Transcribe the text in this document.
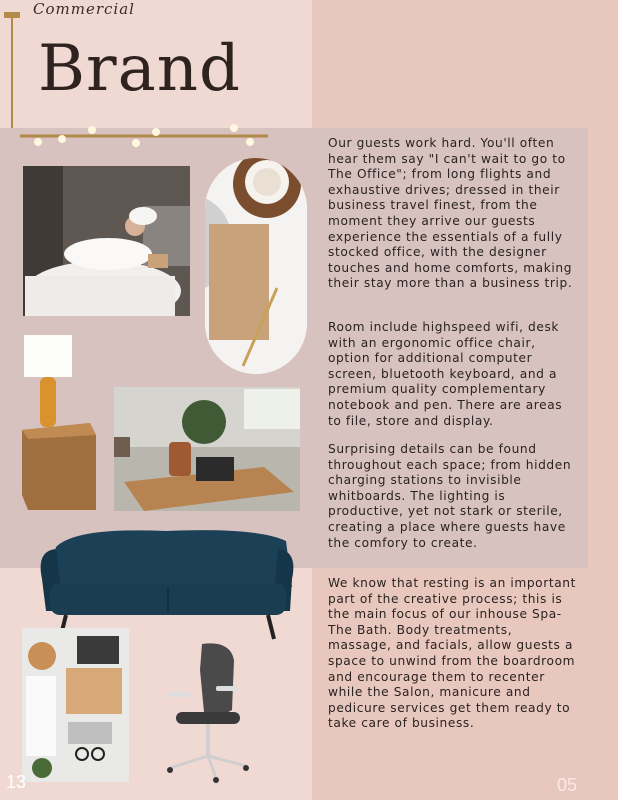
Commercial
Brand

Our guests work hard. You'll often hear them say "I can't wait to go to The Office"; from long flights and exhaustive drives; dressed in their business travel finest, from the moment they arrive our guests experience the essentials of a fully stocked office, with the designer touches and home comforts, making their stay more than a business trip.

Room include highspeed wifi, desk with an ergonomic office chair, option for additional computer screen, bluetooth keyboard, and a premium quality complementary notebook and pen. There are areas to file, store and display.

Surprising details can be found throughout each space; from hidden charging stations to invisible whitboards. The lighting is productive, yet not stark or sterile, creating a place where guests have the comfory to create.

We know that resting is an important part of the creative process; this is the main focus of our inhouse Spa- The Bath. Body treatments, massage, and facials, allow guests a space to unwind from the boardroom and encourage them to recenter while the Salon, manicure and pedicure services get them ready to take care of business.

13	05
